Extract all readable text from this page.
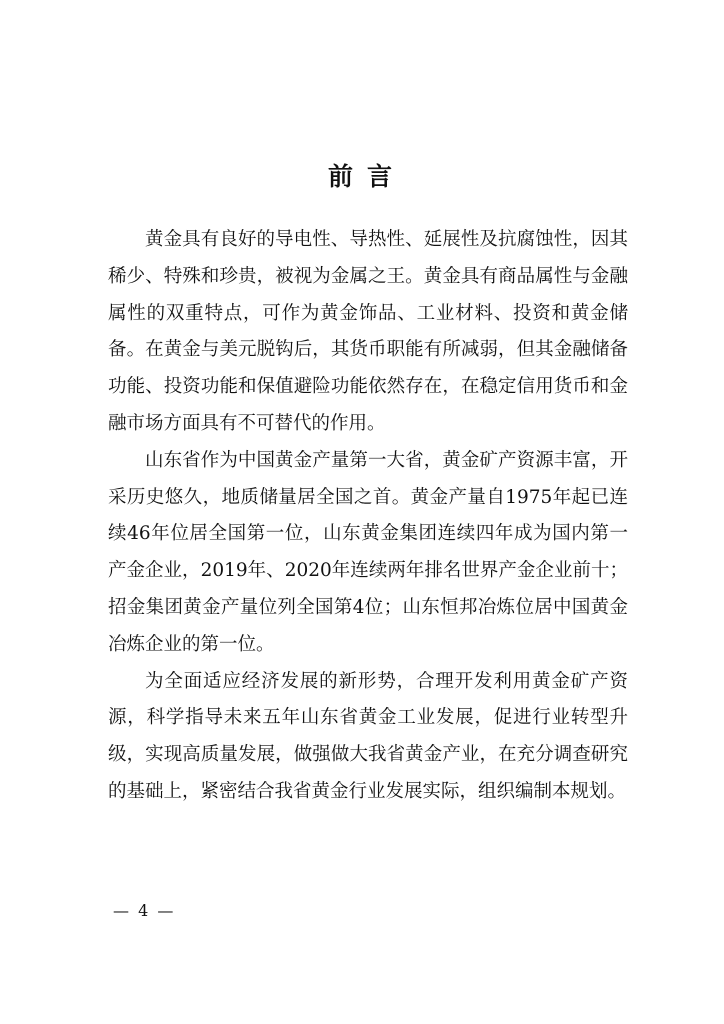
前言

黄金具有良好的导电性、导热性、延展性及抗腐蚀性，因其稀少、特殊和珍贵，被视为金属之王。黄金具有商品属性与金融属性的双重特点，可作为黄金饰品、工业材料、投资和黄金储备。在黄金与美元脱钩后，其货币职能有所减弱，但其金融储备功能、投资功能和保值避险功能依然存在，在稳定信用货币和金融市场方面具有不可替代的作用。

山东省作为中国黄金产量第一大省，黄金矿产资源丰富，开采历史悠久，地质储量居全国之首。黄金产量自1975年起已连续46年位居全国第一位，山东黄金集团连续四年成为国内第一产金企业，2019年、2020年连续两年排名世界产金企业前十；招金集团黄金产量位列全国第4位；山东恒邦冶炼位居中国黄金冶炼企业的第一位。

为全面适应经济发展的新形势，合理开发利用黄金矿产资源，科学指导未来五年山东省黄金工业发展，促进行业转型升级，实现高质量发展，做强做大我省黄金产业，在充分调查研究的基础上，紧密结合我省黄金行业发展实际，组织编制本规划。

— 4 —
